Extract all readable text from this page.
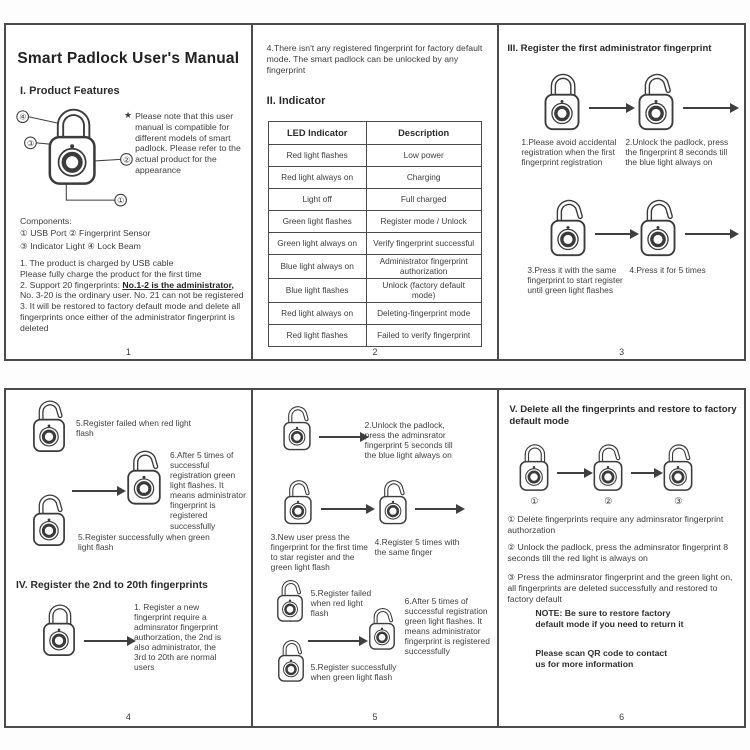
Smart Padlock User's Manual
I. Product Features
④
③
②
①
★ Please note that this user manual is compatible for different models of smart padlock. Please refer to the actual product for the appearance
Components:
① USB Port ② Fingerprint Sensor
③ Indicator Light ④ Lock Beam
1. The product is charged by USB cable
Please fully charge the product for the first time
2. Support 20 fingerprints: No.1-2 is the administrator, No. 3-20 is the ordinary user. No. 21 can not be registered
3. It will be restored to factory default mode and delete all fingerprints once either of the administrator fingerprint is deleted
1
4.There isn't any registered fingerprint for factory default mode. The smart padlock can be unlocked by any fingerprint
II. Indicator
LED Indicator	Description
Red light flashes	Low power
Red light always on	Charging
Light off	Full charged
Green light flashes	Register mode / Unlock
Green light always on	Verify fingerprint successful
Blue light always on	Administrator fingerprint authorization
Blue light flashes	Unlock (factory default mode)
Red light always on	Deleting-fingerprint mode
Red light flashes	Failed to verify fingerprint
2
III. Register the first administrator fingerprint
1.Please avoid accidental registration when the first fingerprint registration
2.Unlock the padlock, press the fingerprint 8 seconds till the blue light always on
3.Press it with the same fingerprint to start register until green light flashes
4.Press it for 5 times
3
5.Register failed when red light flash
5.Register successfully when green light flash
6.After 5 times of successful registration green light flashes. It means administrator fingerprint is registered successfully
IV. Register the 2nd to 20th fingerprints
1. Register a new fingerprint require a adminsrator fingerprint authorzation, the 2nd is also administrator, the 3rd to 20th are normal users
4
2.Unlock the padlock, press the adminsrator fingerprint 5 seconds till the blue light always on
3.New user press the fingerprint for the first time to star register and the green light flash
4.Register 5 times with the same finger
5.Register failed when red light flash
5.Register successfully when green light flash
6.After 5 times of successful registration green light flashes. It means administrator fingerprint is registered successfully
5
V. Delete all the fingerprints and restore to factory default mode
①	②	③
① Delete fingerprints require any adminsrator fingerprint authorzation
② Unlock the padlock, press the adminsrator fingerprint 8 seconds till the red light is always on
③ Press the adminsrator fingerprint and the green light on, all fingerprints are deleted successfully and restored to factory default
NOTE: Be sure to restore factory default mode if you need to return it
Please scan QR code to contact us for more information
6
